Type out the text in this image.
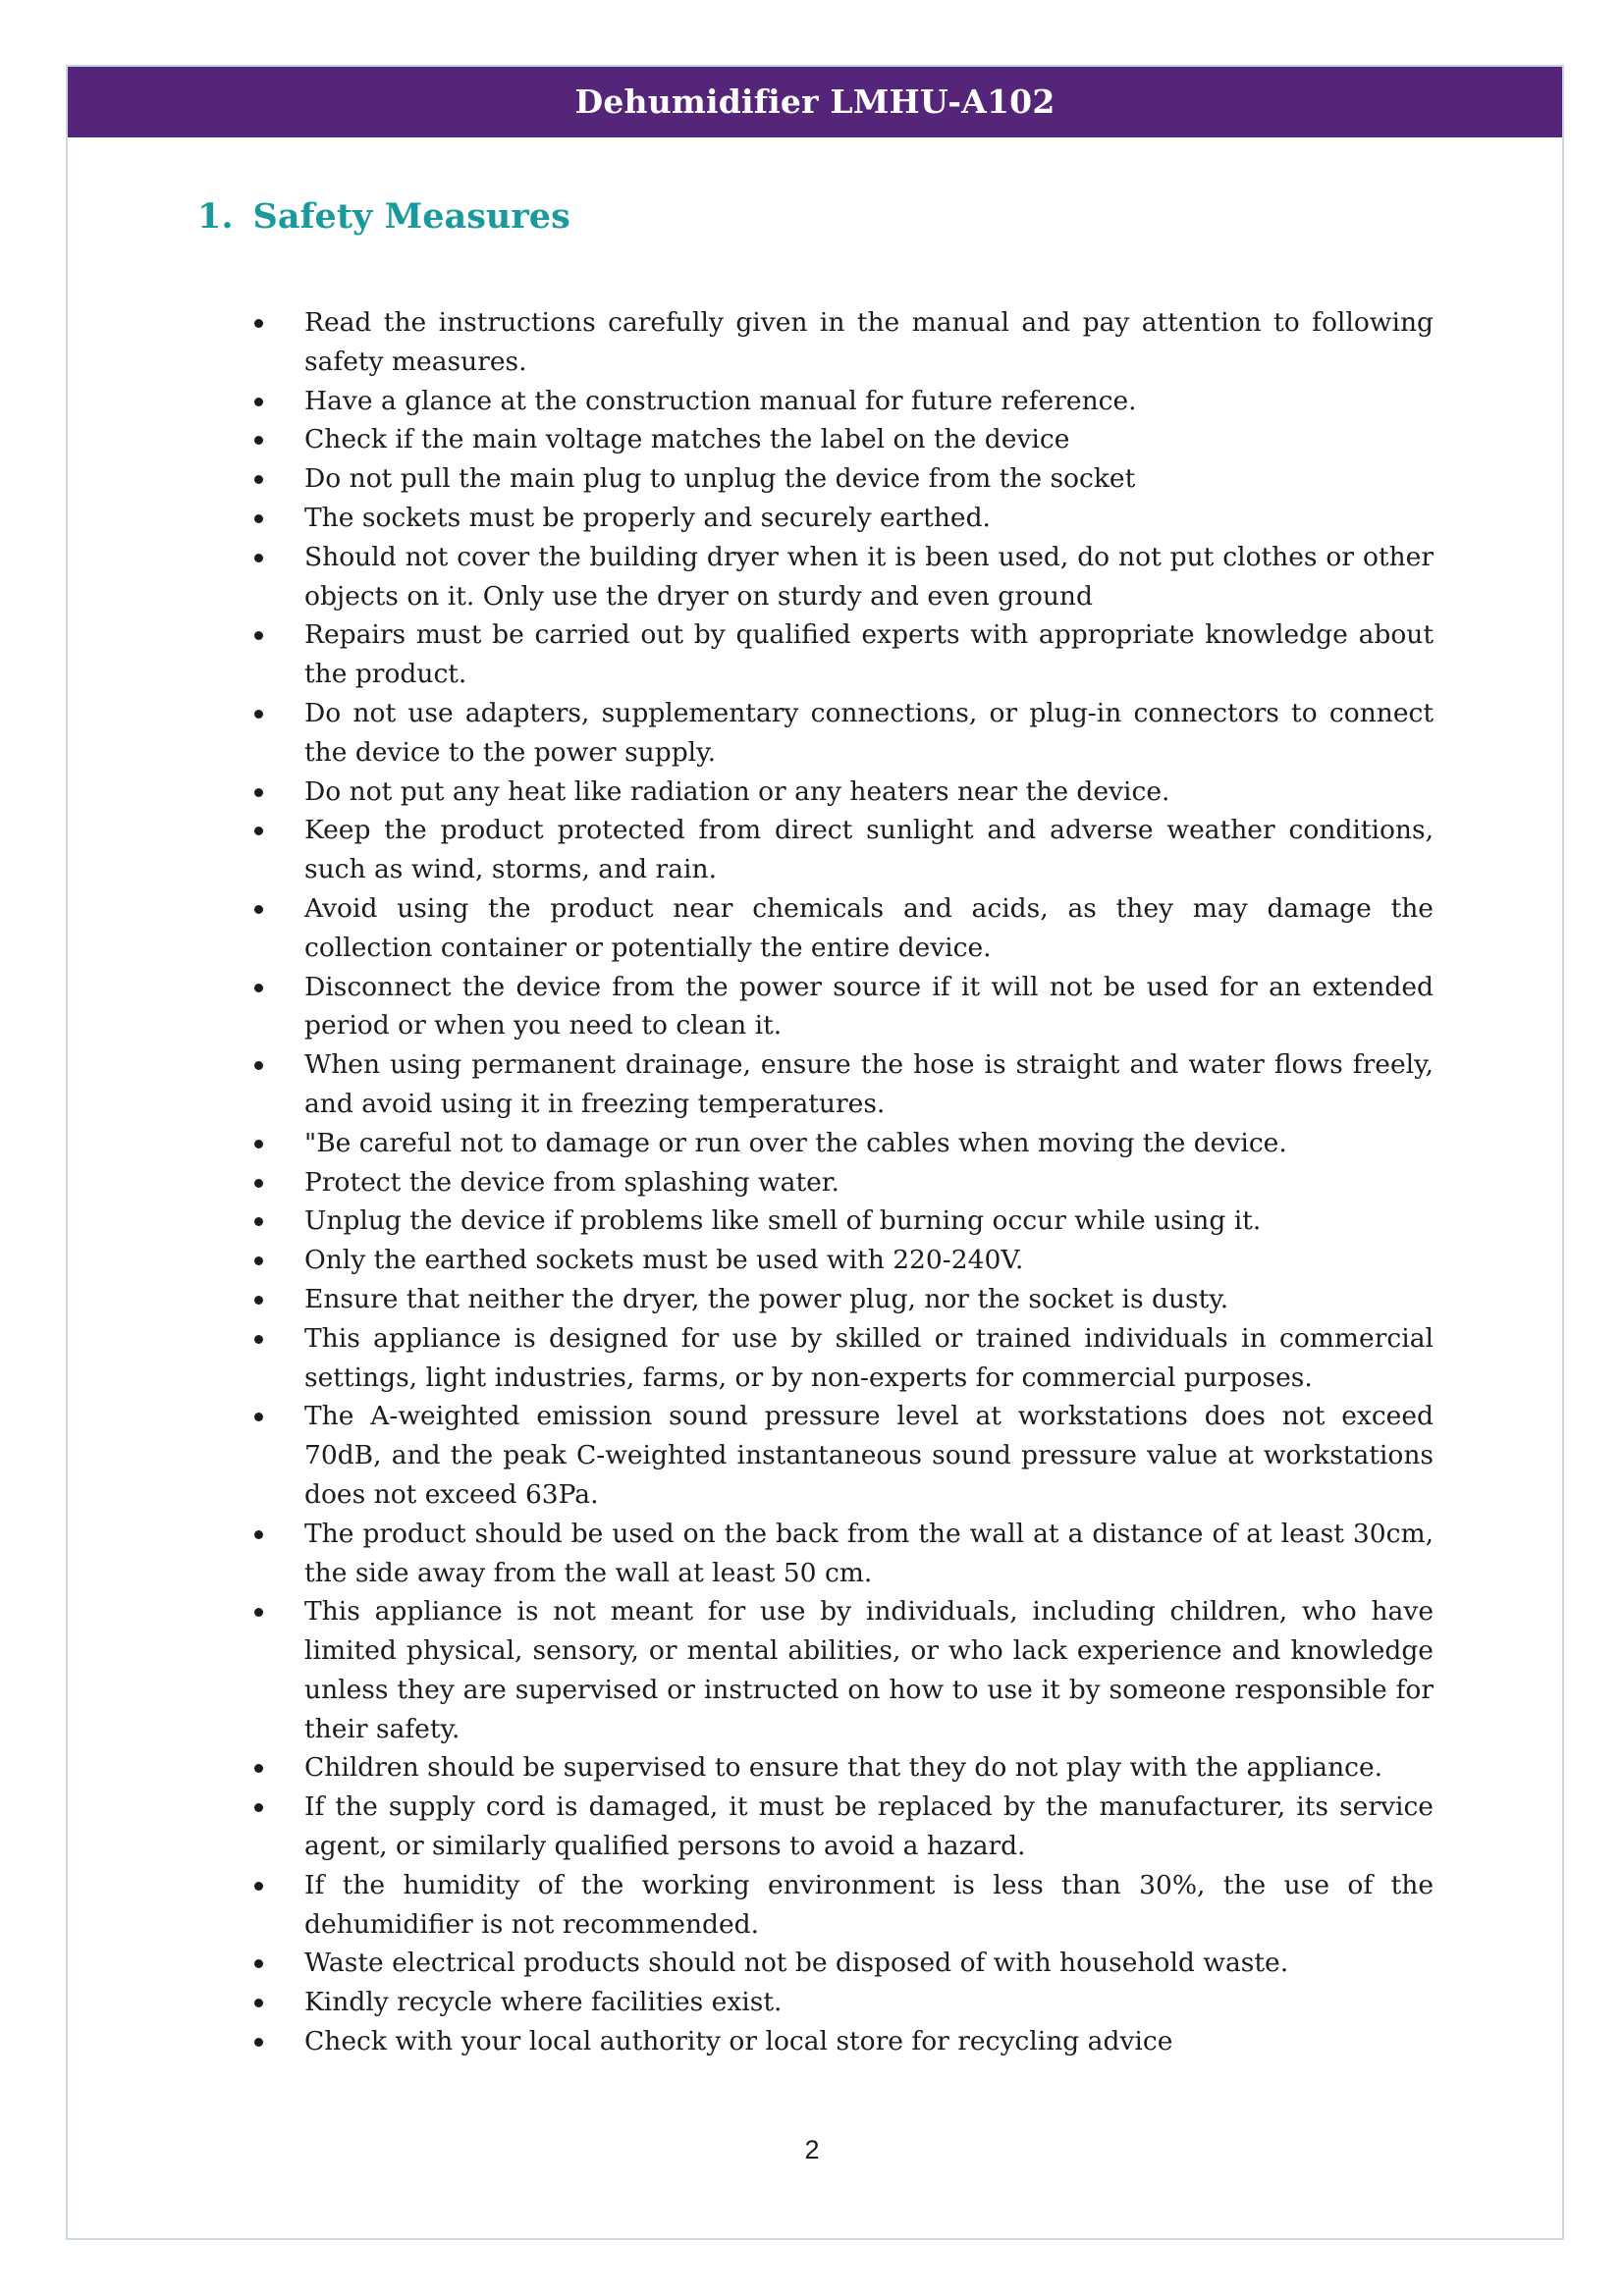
Dehumidifier LMHU-A102
1. Safety Measures
Read the instructions carefully given in the manual and pay attention to following safety measures.
Have a glance at the construction manual for future reference.
Check if the main voltage matches the label on the device
Do not pull the main plug to unplug the device from the socket
The sockets must be properly and securely earthed.
Should not cover the building dryer when it is been used, do not put clothes or other objects on it. Only use the dryer on sturdy and even ground
Repairs must be carried out by qualified experts with appropriate knowledge about the product.
Do not use adapters, supplementary connections, or plug-in connectors to connect the device to the power supply.
Do not put any heat like radiation or any heaters near the device.
Keep the product protected from direct sunlight and adverse weather conditions, such as wind, storms, and rain.
Avoid using the product near chemicals and acids, as they may damage the collection container or potentially the entire device.
Disconnect the device from the power source if it will not be used for an extended period or when you need to clean it.
When using permanent drainage, ensure the hose is straight and water flows freely, and avoid using it in freezing temperatures.
"Be careful not to damage or run over the cables when moving the device.
Protect the device from splashing water.
Unplug the device if problems like smell of burning occur while using it.
Only the earthed sockets must be used with 220-240V.
Ensure that neither the dryer, the power plug, nor the socket is dusty.
This appliance is designed for use by skilled or trained individuals in commercial settings, light industries, farms, or by non-experts for commercial purposes.
The A-weighted emission sound pressure level at workstations does not exceed 70dB, and the peak C-weighted instantaneous sound pressure value at workstations does not exceed 63Pa.
The product should be used on the back from the wall at a distance of at least 30cm, the side away from the wall at least 50 cm.
This appliance is not meant for use by individuals, including children, who have limited physical, sensory, or mental abilities, or who lack experience and knowledge unless they are supervised or instructed on how to use it by someone responsible for their safety.
Children should be supervised to ensure that they do not play with the appliance.
If the supply cord is damaged, it must be replaced by the manufacturer, its service agent, or similarly qualified persons to avoid a hazard.
If the humidity of the working environment is less than 30%, the use of the dehumidifier is not recommended.
Waste electrical products should not be disposed of with household waste.
Kindly recycle where facilities exist.
Check with your local authority or local store for recycling advice
2
